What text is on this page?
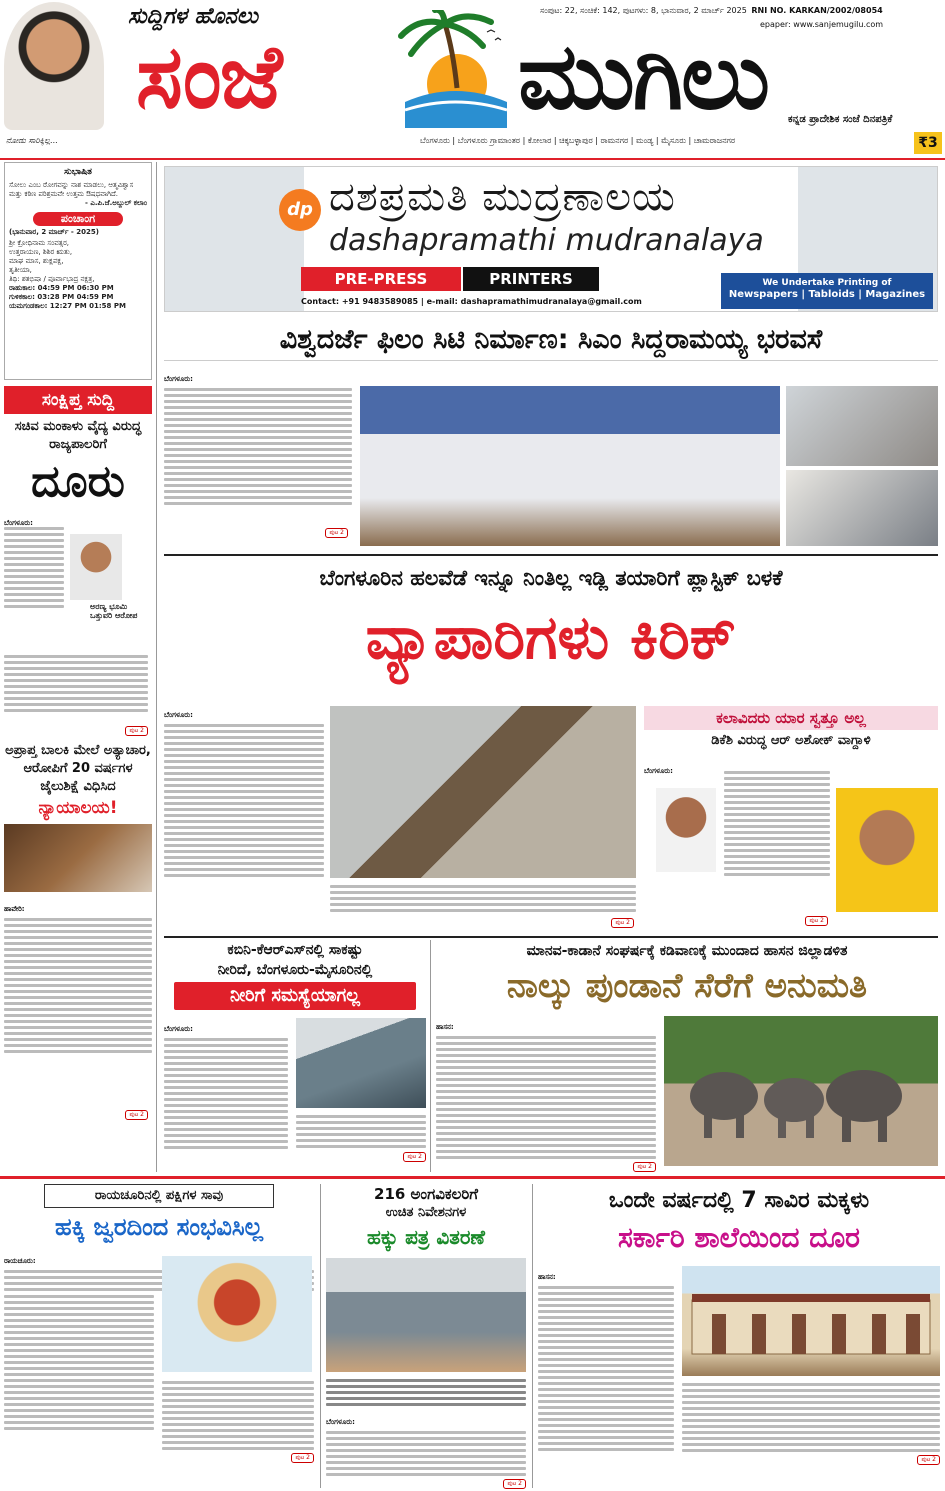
ನೋಡು ಸಾರಿಕ್ಕಿಲ್ಲ...
ಸುದ್ದಿಗಳ ಹೊನಲು
ಸಂಜೆ	ಮುಗಿಲು
ಸಂಪುಟ: 22, ಸಂಚಿಕೆ: 142, ಪುಟಗಳು: 8, ಭಾನುವಾರ, 2 ಮಾರ್ಚ್ 2025 RNI NO. KARKAN/2002/08054
epaper: www.sanjemugilu.com
ಕನ್ನಡ ಪ್ರಾದೇಶಿಕ ಸಂಜೆ ದಿನಪತ್ರಿಕೆ
ಬೆಂಗಳೂರು | ಬೆಂಗಳೂರು ಗ್ರಾಮಾಂತರ | ಕೋಲಾರ | ಚಿಕ್ಕಬಳ್ಳಾಪುರ | ರಾಮನಗರ | ಮಂಡ್ಯ | ಮೈಸೂರು | ಚಾಮರಾಜನಗರ	₹3
ಸುಭಾಷಿತ
ಸೋಲು ಎಂಬ ರೋಗವನ್ನು ನಾಶ ಮಾಡಲು, ಆತ್ಮವಿಶ್ವಾಸ ಮತ್ತು ಕಠಿಣ ಪರಿಶ್ರಮವೇ ಉತ್ತಮ ಔಷಧವಾಗಿದೆ.
- ಎ.ಪಿ.ಜೆ.ಅಬ್ದುಲ್ ಕಲಾಂ
ಪಂಚಾಂಗ
(ಭಾನುವಾರ, 2 ಮಾರ್ಚ್ - 2025)
ಶ್ರೀ ಕ್ರೋಧಿನಾಮ ಸಂವತ್ಸರ,
ಉತ್ತರಾಯಣ, ಶಿಶಿರ ಋತು,
ಮಾಘ ಮಾಸ, ಶುಕ್ಲಪಕ್ಷ,
ತೃತೀಯಾ,
ತಿಥಿ: ಶತಭಿಷಾ / ಪೂರ್ವಾಭಾದ್ರ ನಕ್ಷತ್ರ,
ರಾಹುಕಾಲ: 04:59 PM 06:30 PM
ಗುಳಿಕಕಾಲ: 03:28 PM 04:59 PM
ಯಮಗಂಡಕಾಲ: 12:27 PM 01:58 PM
ಸಂಕ್ಷಿಪ್ತ ಸುದ್ದಿ
ಸಚಿವ ಮಂಕಾಳು ವೈದ್ಯ ವಿರುದ್ಧ ರಾಜ್ಯಪಾಲರಿಗೆ
ದೂರು
ಬೆಂಗಳೂರು:
ಅರಣ್ಯ ಭೂಮಿ ಒತ್ತುವರಿ ಆರೋಪ
ಪುಟ 2
ಅಪ್ರಾಪ್ತ ಬಾಲಕಿ ಮೇಲೆ ಅತ್ಯಾಚಾರ, ಆರೋಪಿಗೆ 20 ವರ್ಷಗಳ ಜೈಲುಶಿಕ್ಷೆ ವಿಧಿಸಿದ
ನ್ಯಾಯಾಲಯ!
ಹಾವೇರಿ:
ಪುಟ 2
dp ದಶಪ್ರಮತಿ ಮುದ್ರಣಾಲಯ
dashapramathi mudranalaya
PRE-PRESS	PRINTERS
Contact: +91 9483589085 | e-mail: dashapramathimudranalaya@gmail.com
We Undertake Printing of
Newspapers | Tabloids | Magazines
ವಿಶ್ವದರ್ಜೆ ಫಿಲಂ ಸಿಟಿ ನಿರ್ಮಾಣ: ಸಿಎಂ ಸಿದ್ದರಾಮಯ್ಯ ಭರವಸೆ
ಬೆಂಗಳೂರು:
ಪುಟ 2
ಬೆಂಗಳೂರಿನ ಹಲವೆಡೆ ಇನ್ನೂ ನಿಂತಿಲ್ಲ ಇಡ್ಲಿ ತಯಾರಿಗೆ ಪ್ಲಾಸ್ಟಿಕ್ ಬಳಕೆ
ವ್ಯಾಪಾರಿಗಳು ಕಿರಿಕ್
ಬೆಂಗಳೂರು:
ಪುಟ 2
ಕಲಾವಿದರು ಯಾರ ಸ್ವತ್ತೂ ಅಲ್ಲ
ಡಿಕೆಶಿ ವಿರುದ್ಧ ಆರ್ ಅಶೋಕ್ ವಾಗ್ದಾಳಿ
ಬೆಂಗಳೂರು:
ಪುಟ 2
ಕಬಿನಿ-ಕೆಆರ್‌ಎಸ್‌ನಲ್ಲಿ ಸಾಕಷ್ಟು
ನೀರಿದೆ, ಬೆಂಗಳೂರು-ಮೈಸೂರಿನಲ್ಲಿ
ನೀರಿಗೆ ಸಮಸ್ಯೆಯಾಗಲ್ಲ
ಬೆಂಗಳೂರು:
ಪುಟ 2
ಮಾನವ-ಕಾಡಾನೆ ಸಂಘರ್ಷಕ್ಕೆ ಕಡಿವಾಣಕ್ಕೆ ಮುಂದಾದ ಹಾಸನ ಜಿಲ್ಲಾಡಳಿತ
ನಾಲ್ಕು ಪುಂಡಾನೆ ಸೆರೆಗೆ ಅನುಮತಿ
ಹಾಸನ:
ಪುಟ 2
ರಾಯಚೂರಿನಲ್ಲಿ ಪಕ್ಷಿಗಳ ಸಾವು
ಹಕ್ಕಿ ಜ್ವರದಿಂದ ಸಂಭವಿಸಿಲ್ಲ
ರಾಯಚೂರು:
ಪುಟ 2
216 ಅಂಗವಿಕಲರಿಗೆ
ಉಚಿತ ನಿವೇಶನಗಳ
ಹಕ್ಕು ಪತ್ರ ವಿತರಣೆ
ಬೆಂಗಳೂರು:
ಪುಟ 2
ಒಂದೇ ವರ್ಷದಲ್ಲಿ 7 ಸಾವಿರ ಮಕ್ಕಳು
ಸರ್ಕಾರಿ ಶಾಲೆಯಿಂದ ದೂರ
ಹಾಸನ:
ಪುಟ 2
